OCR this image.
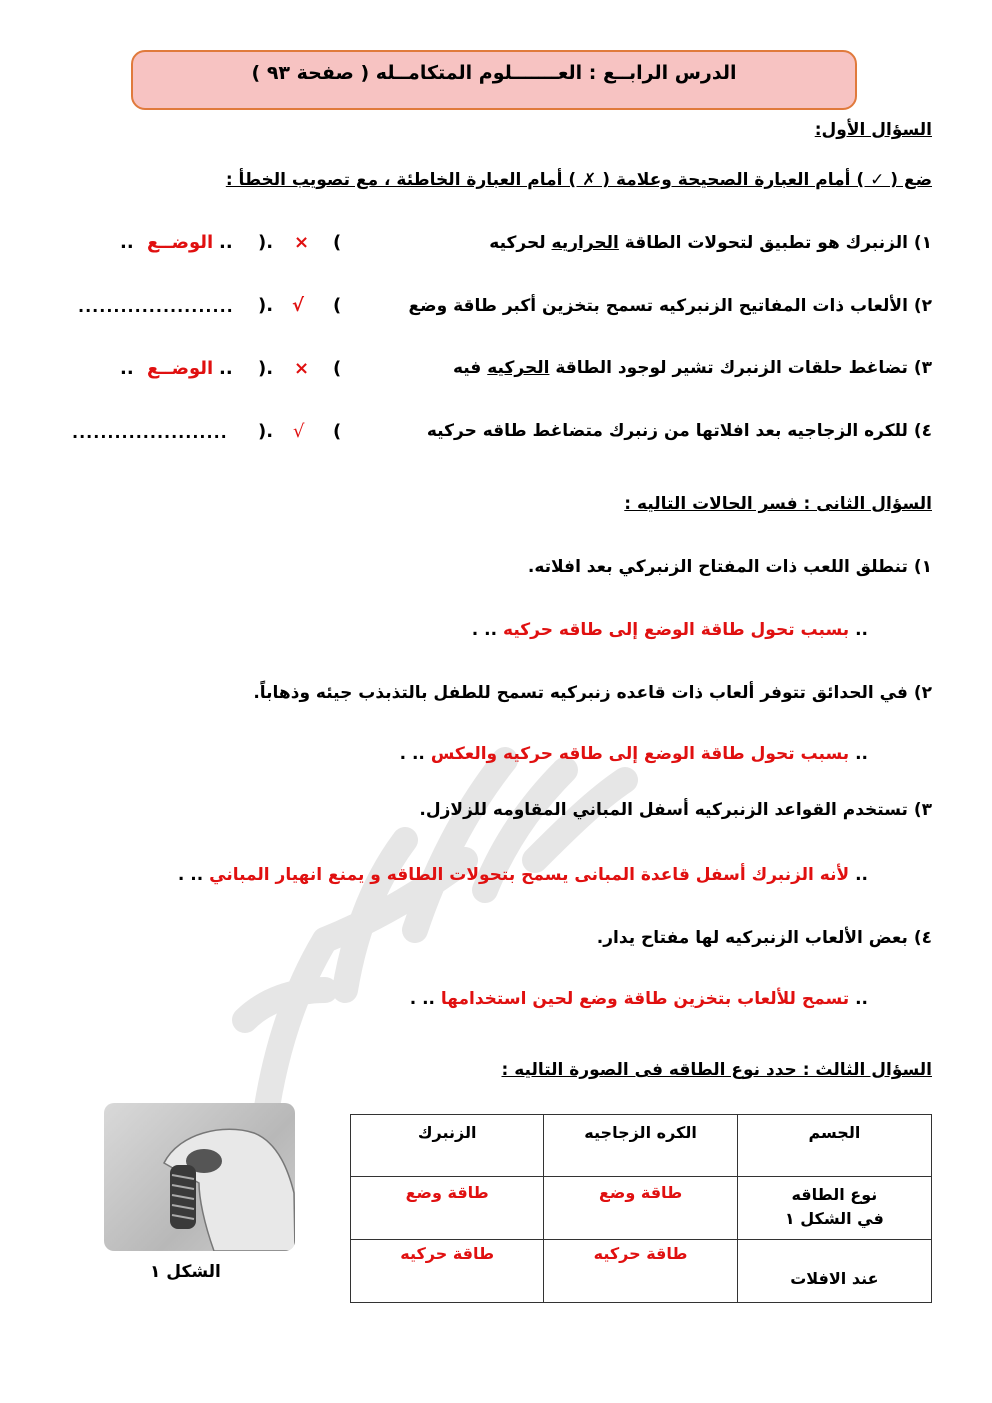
الدرس الرابــع : العـــــــلوم المتكامــله ( صفحة ٩٣ )
السؤال الأول:
ضع ( ✓ ) أمام العبارة الصحيحة وعلامة ( ✗ ) أمام العبارة الخاطئة ، مع تصويب الخطأ :
١) الزنبرك هو تطبيق لتحولات الطاقة الحراريه لحركيه
(
×
).
..
الوضــع
..
٢) الألعاب ذات المفاتيح الزنبركيه تسمح بتخزين أكبر طاقة وضع
(
√
).
......................
٣) تضاغط حلقات الزنبرك تشير لوجود الطاقة الحركيه فيه
(
×
).
..
الوضــع
..
٤) للكره الزجاجيه بعد افلاتها من زنبرك متضاغط طاقه حركيه
(
√
).
......................
السؤال الثانى : فسر الحالات التاليه :
١) تنطلق اللعب ذات المفتاح الزنبركي بعد افلاته.
.. بسبب تحول طاقة الوضع إلى طاقه حركيه .. .
٢) في الحدائق تتوفر ألعاب ذات قاعده زنبركيه تسمح للطفل بالتذبذب جيئه وذهاباً.
.. بسبب تحول طاقة الوضع إلى طاقه حركيه والعكس .. .
٣) تستخدم القواعد الزنبركيه أسفل المباني المقاومه للزلازل.
.. لأنه الزنبرك أسفل قاعدة المبانى يسمح بتحولات الطاقه و يمنع انهيار المباني .. .
٤) بعض الألعاب الزنبركيه لها مفتاح يدار.
.. تسمح للألعاب بتخزين طاقة وضع لحين استخدامها .. .
السؤال الثالث : حدد نوع الطاقه فى الصورة التاليه :
الشكل ١
الجسم	الكره الزجاجيه	الزنبرك
نوع الطاقه في الشكل ١	طاقة وضع	طاقة وضع
عند الافلات	طاقة حركيه	طاقة حركيه
